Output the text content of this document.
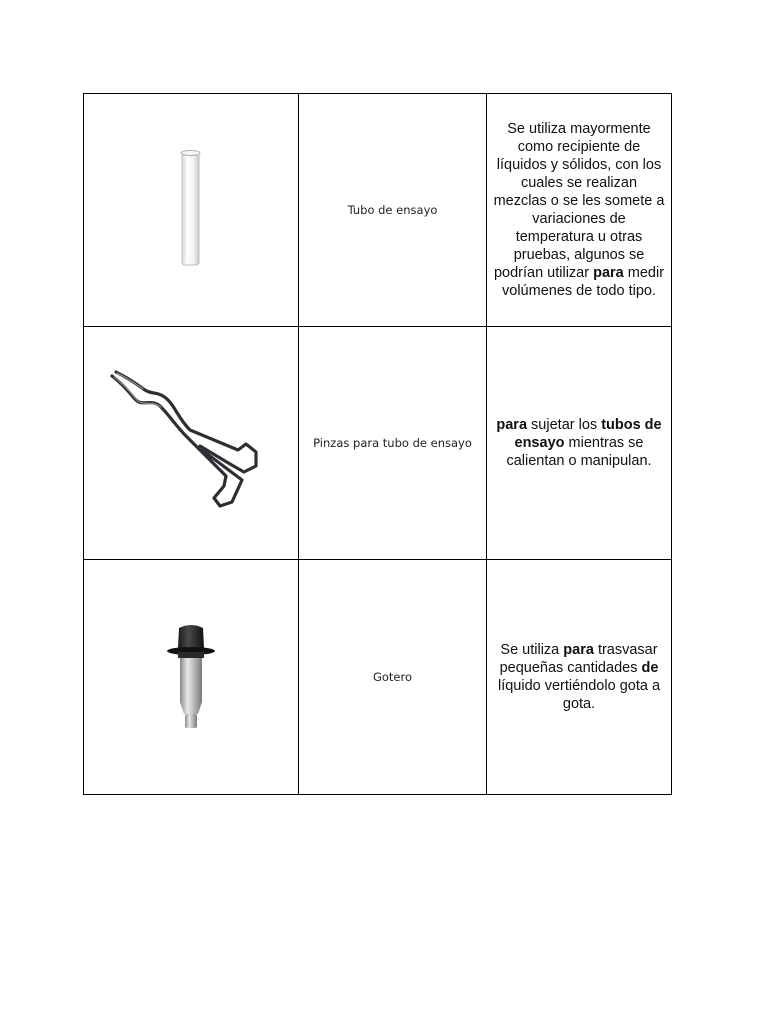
Tubo de ensayo
Se utiliza mayormente como recipiente de líquidos y sólidos, con los cuales se realizan mezclas o se les somete a variaciones de temperatura u otras pruebas, algunos se podrían utilizar para medir volúmenes de todo tipo.
Pinzas para tubo de ensayo
para sujetar los tubos de ensayo mientras se calientan o manipulan.
Gotero
Se utiliza para trasvasar pequeñas cantidades de líquido vertiéndolo gota a gota.
